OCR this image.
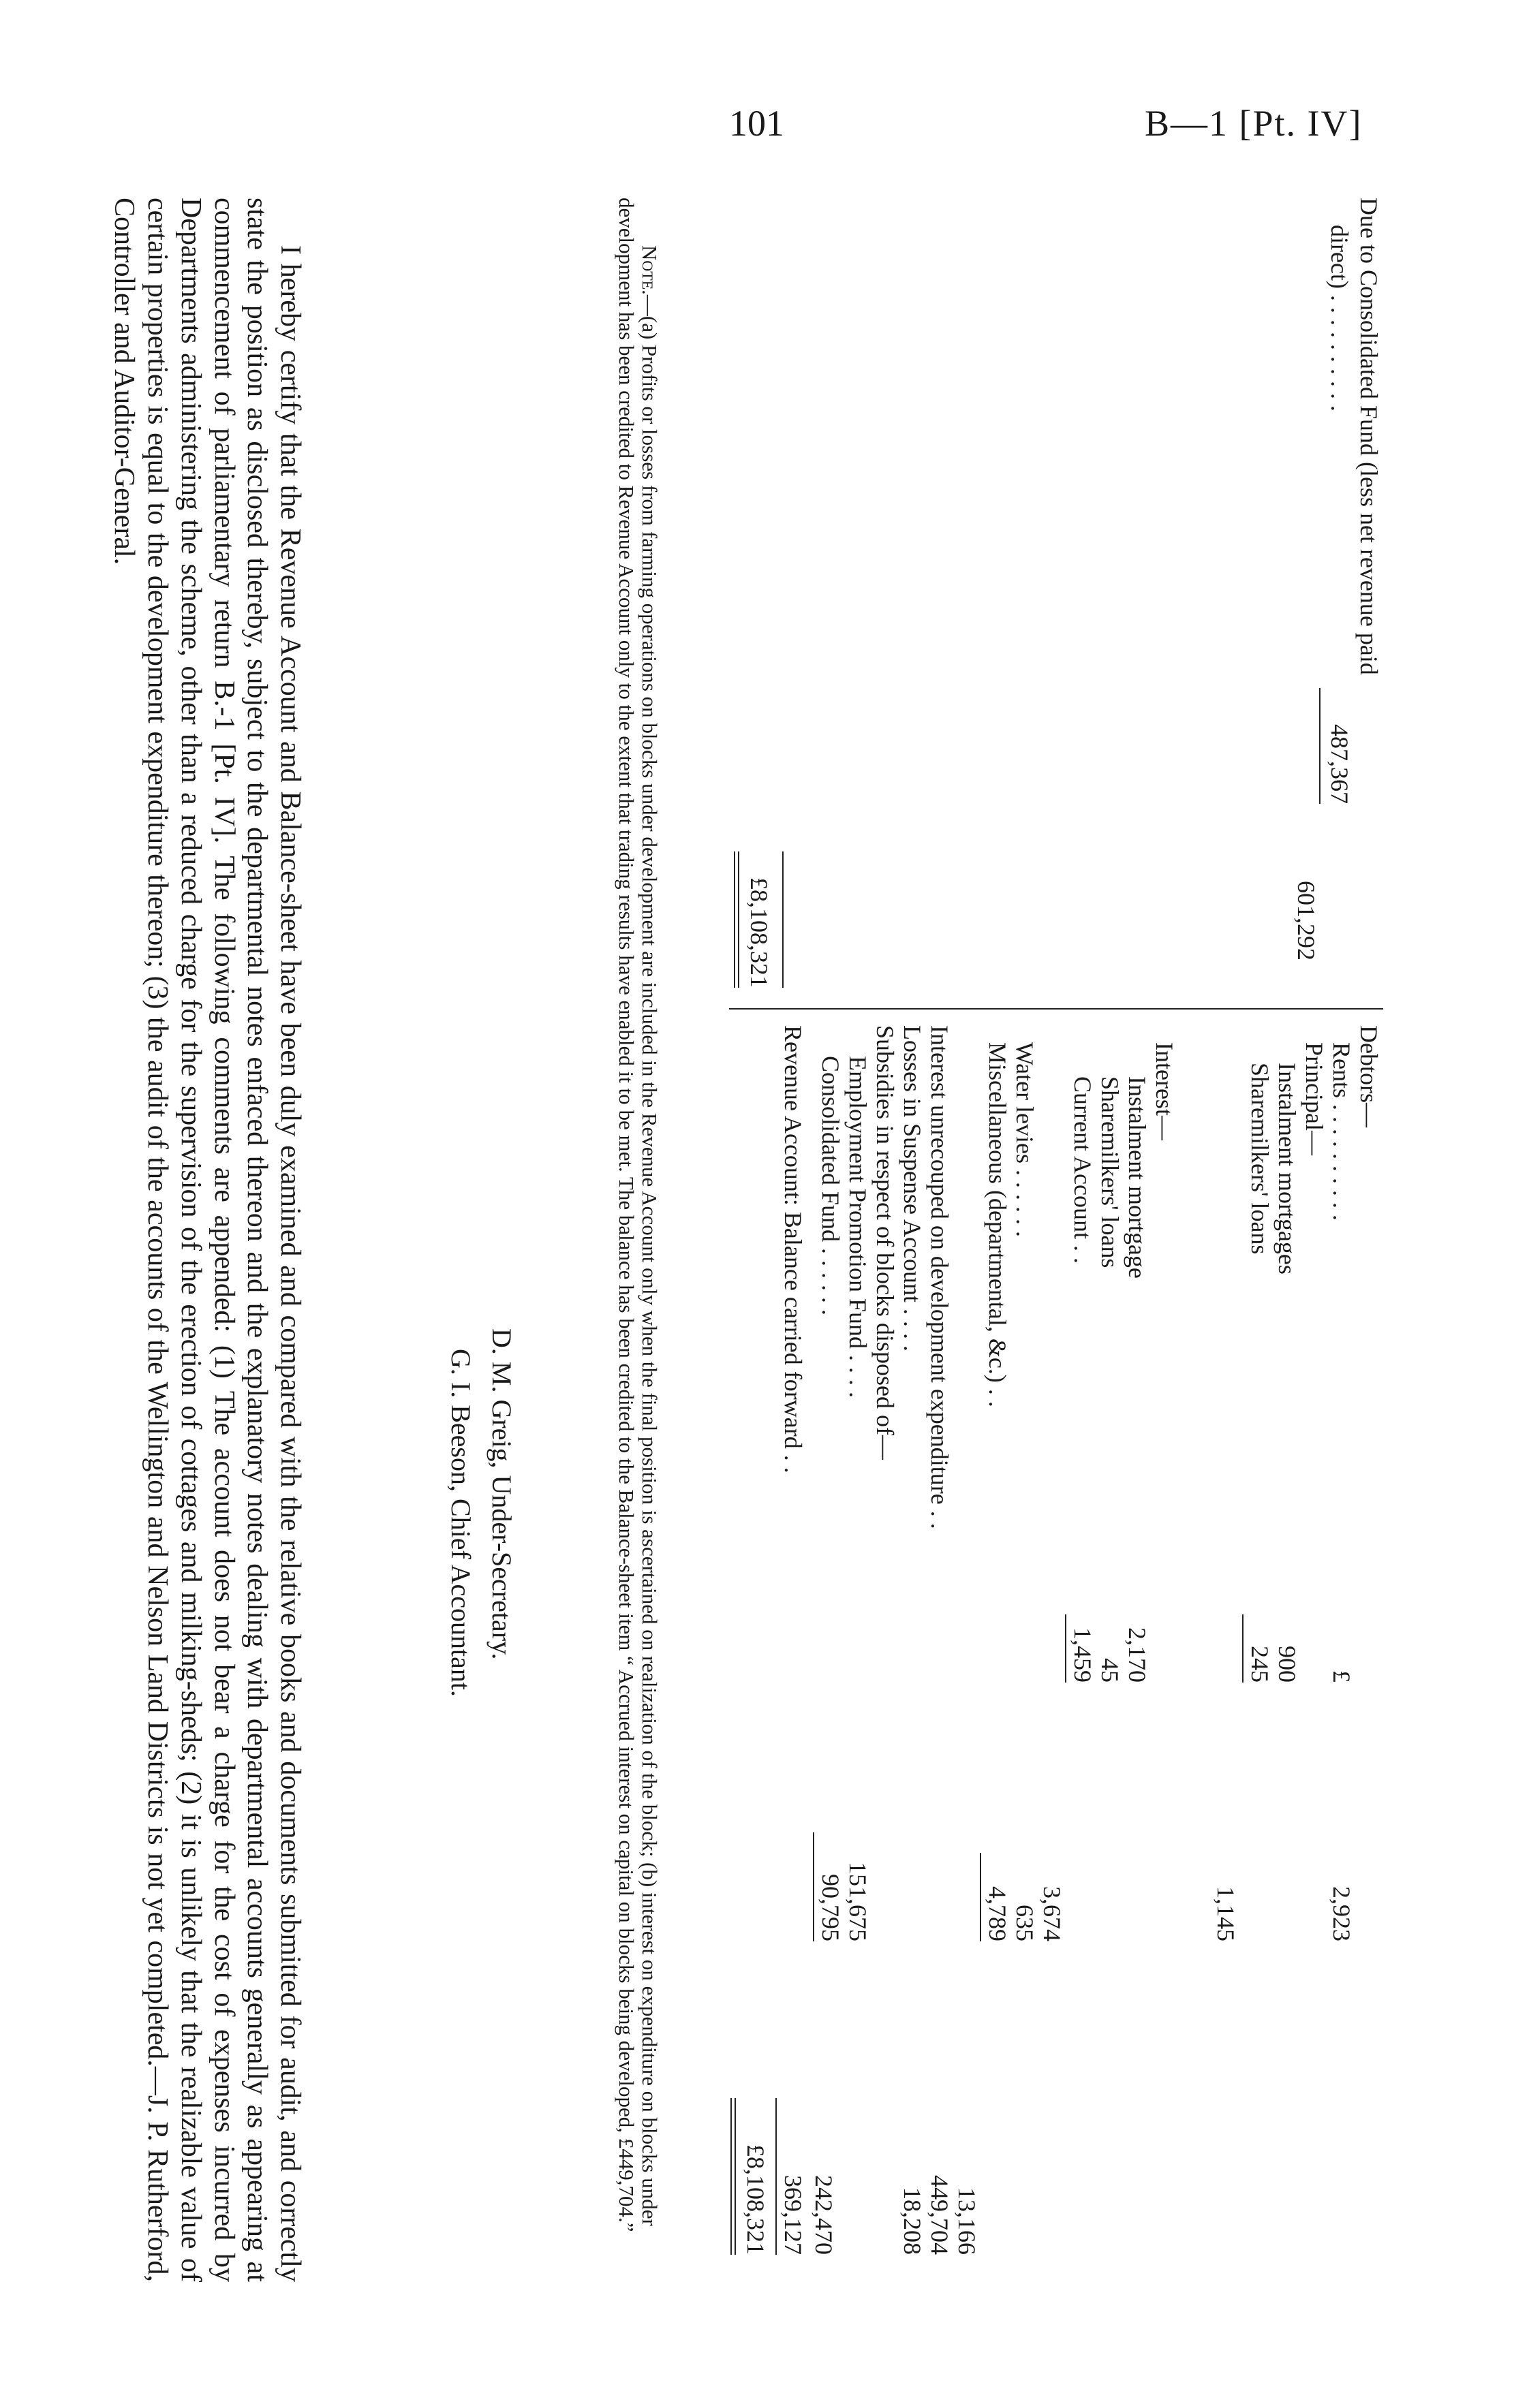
101	B—1 [Pt. IV]
Due to Consolidated Fund (less net revenue paid
direct) . . . . . . . . . .
487,367
601,292
£8,108,321
Debtors—
Rents . . . . . . . . . .
£
2,923
Principal—
Instalment mortgages
900
Sharemilkers' loans
245
1,145
Interest—
Instalment mortgage
2,170
Sharemilkers' loans
45
Current Account . .
1,459
3,674
Water levies . . . . . .
635
Miscellaneous (departmental, &c.) . .
4,789
13,166
Interest unrecouped on development expenditure . .
449,704
Losses in Suspense Account . . . .
18,208
Subsidies in respect of blocks disposed of—
Employment Promotion Fund . . . .
151,675
Consolidated Fund . . . . . .
90,795
242,470
Revenue Account: Balance carried forward . .
369,127
£8,108,321

Note.—(a) Profits or losses from farming operations on blocks under development are included in the Revenue Account only when the final position is ascertained on realization of the block; (b) interest on expenditure on blocks under development has been credited to Revenue Account only to the extent that trading results have enabled it to be met. The balance has been credited to the Balance-sheet item “ Accrued interest on capital on blocks being developed, £449,704.”

D. M. Greig, Under-Secretary.
G. I. Beeson, Chief Accountant.

I hereby certify that the Revenue Account and Balance-sheet have been duly examined and compared with the relative books and documents submitted for audit, and correctly state the position as disclosed thereby, subject to the departmental notes enfaced thereon and the explanatory notes dealing with departmental accounts generally as appearing at commencement of parliamentary return B.-1 [Pt. IV]. The following comments are appended: (1) The account does not bear a charge for the cost of expenses incurred by Departments administering the scheme, other than a reduced charge for the supervision of the erection of cottages and milking-sheds; (2) it is unlikely that the realizable value of certain properties is equal to the development expenditure thereon; (3) the audit of the accounts of the Wellington and Nelson Land Districts is not yet completed.—J. P. Rutherford, Controller and Auditor-General.
